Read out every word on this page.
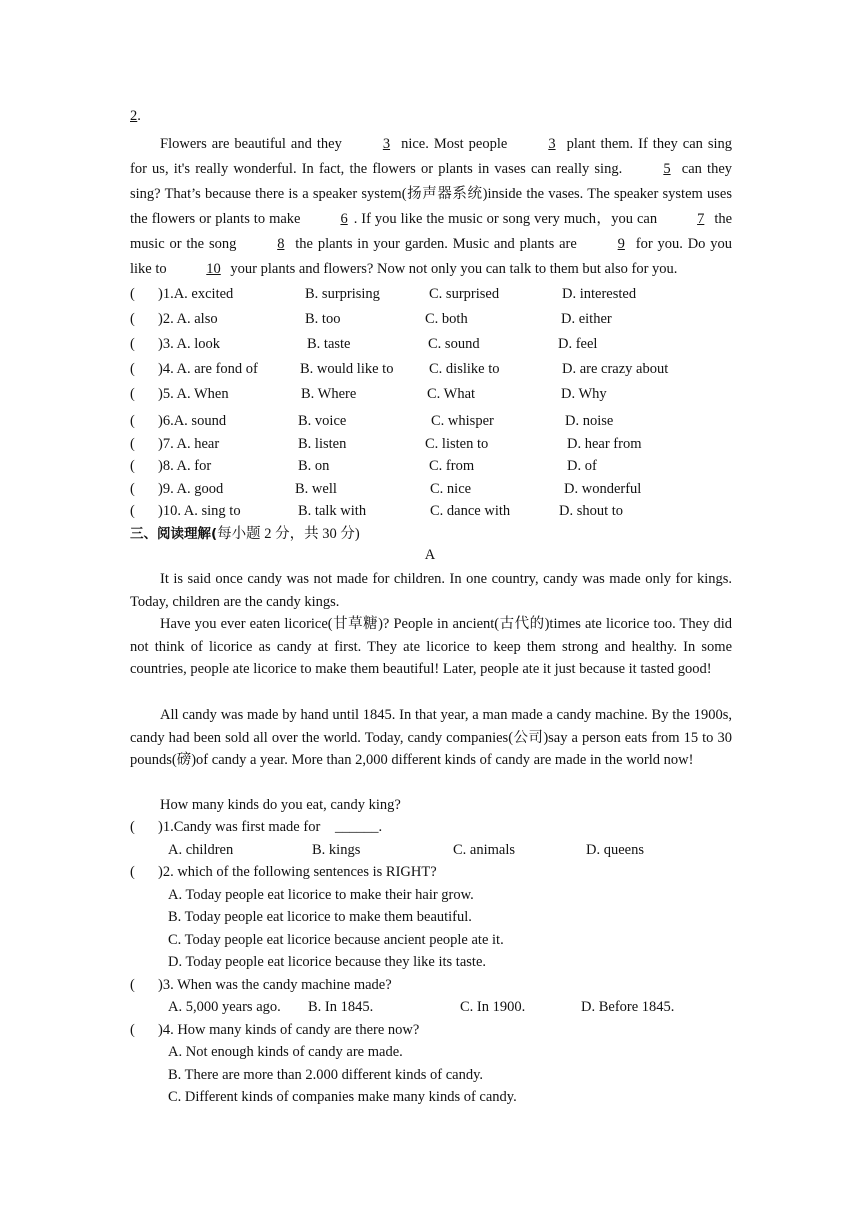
2.
Flowers are beautiful and they	3 nice. Most people	3 plant them. If they can sing for us, it's really wonderful. In fact, the flowers or plants in vases can really sing.	5 can they sing? That’s because there is a speaker system(扬声器系统)inside the vases. The speaker system uses the flowers or plants to make	6 . If you like the music or song very much，you can	7 the music or the song	8 the plants in your garden. Music and plants are	9 for you. Do you like to	10 your plants and flowers? Now not only you can talk to them but also for you.
( )1.A. excited	B. surprising	C. surprised	D. interested
( )2. A. also	B. too	C. both	D. either
( )3. A. look	B. taste	C. sound	D. feel
( )4. A. are fond of	B. would like to C. dislike to	D. are crazy about
( )5. A. When	B. Where	C. What	D. Why
( )6.A. sound	B. voice	C. whisper	D. noise
( )7. A. hear	B. listen	C. listen to	D. hear from
( )8. A. for	B. on	C. from	D. of
( )9. A. good	B. well	C. nice	D. wonderful
( )10. A. sing to	B. talk with	C. dance with	D. shout to
三、阅读理解(每小题 2 分，共 30 分)
A
It is said once candy was not made for children. In one country, candy was made only for kings. Today, children are the candy kings.
Have you ever eaten licorice(甘草糖)? People in ancient(古代的)times ate licorice too. They did not think of licorice as candy at first. They ate licorice to keep them strong and healthy. In some countries, people ate licorice to make them beautiful! Later, people ate it just because it tasted good!
All candy was made by hand until 1845. In that year, a man made a candy machine. By the 1900s, candy had been sold all over the world. Today, candy companies(公司)say a person eats from 15 to 30 pounds(磅)of candy a year. More than 2,000 different kinds of candy are made in the world now!
How many kinds do you eat, candy king?
( )1.Candy was first made for ______.
A. children	B. kings	C. animals	D. queens
( )2. which of the following sentences is RIGHT?
A. Today people eat licorice to make their hair grow.
B. Today people eat licorice to make them beautiful.
C. Today people eat licorice because ancient people ate it.
D. Today people eat licorice because they like its taste.
( )3. When was the candy machine made?
A. 5,000 years ago. B. In 1845.	C. In 1900.	D. Before 1845.
( )4. How many kinds of candy are there now?
A. Not enough kinds of candy are made.
B. There are more than 2.000 different kinds of candy.
C. Different kinds of companies make many kinds of candy.
